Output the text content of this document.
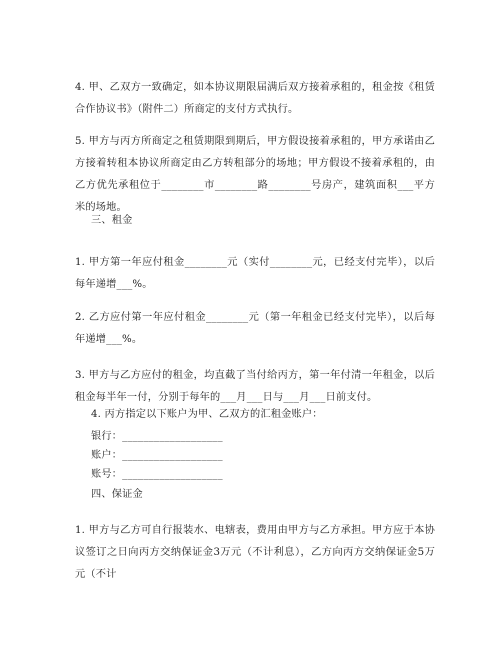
4. 甲、乙双方一致确定，如本协议期限届满后双方接着承租的，租金按《租赁合作协议书》（附件二）所商定的支付方式执行。

5. 甲方与丙方所商定之租赁期限到期后，甲方假设接着承租的，甲方承诺由乙方接着转租本协议所商定由乙方转租部分的场地；甲方假设不接着承租的，由乙方优先承租位于________市________路________号房产，建筑面积___平方米的场地。

三、租金

1. 甲方第一年应付租金________元（实付________元，已经支付完毕），以后每年递增___%。

2. 乙方应付第一年应付租金________元（第一年租金已经支付完毕），以后每年递增___%。

3. 甲方与乙方应付的租金，均直截了当付给丙方，第一年付清一年租金，以后租金每半年一付，分别于每年的___月___日与___月___日前支付。

4. 丙方指定以下账户为甲、乙双方的汇租金账户：

银行：___________________

账户：___________________

账号：___________________

四、保证金

1. 甲方与乙方可自行报装水、电辖表，费用由甲方与乙方承担。甲方应于本协议签订之日向丙方交纳保证金3万元（不计利息），乙方向丙方交纳保证金5万元（不计
